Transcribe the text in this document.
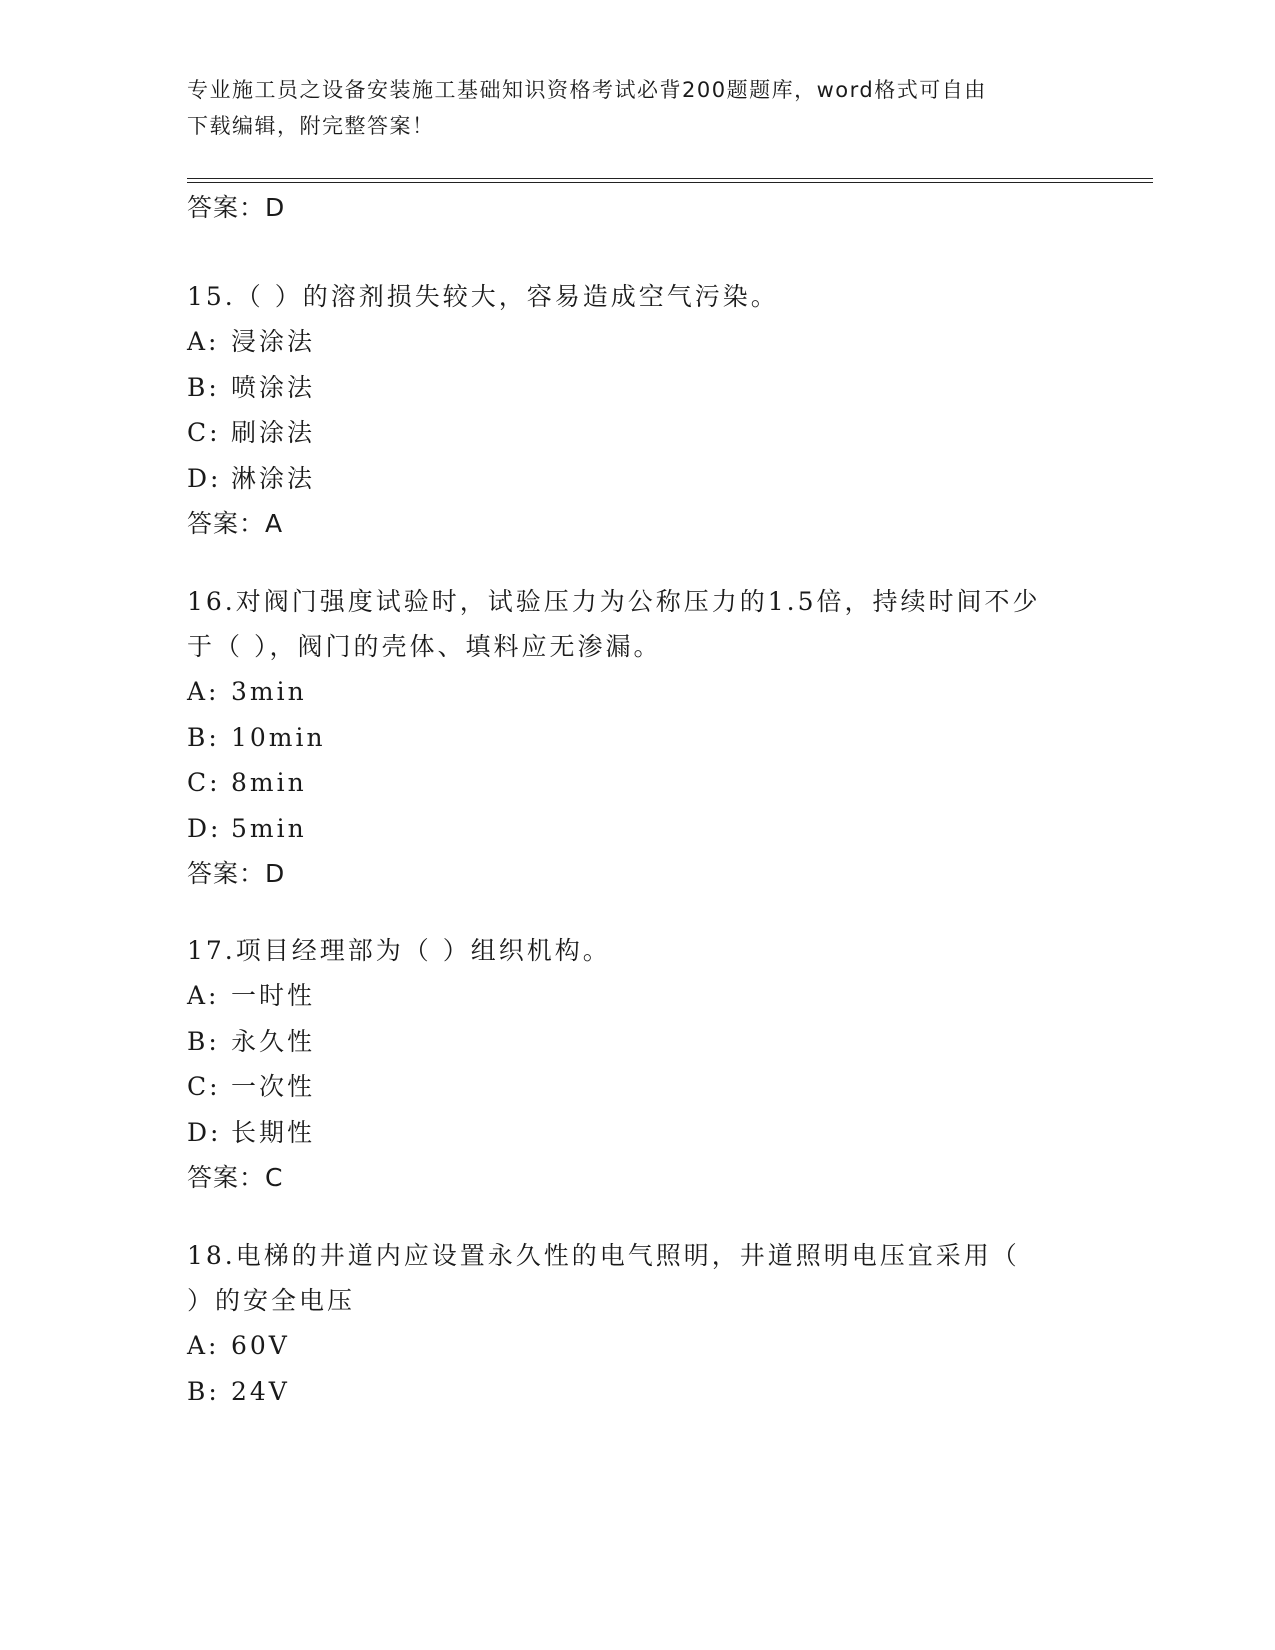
专业施工员之设备安装施工基础知识资格考试必背200题题库，word格式可自由
下载编辑，附完整答案！
答案：D
15.（ ）的溶剂损失较大，容易造成空气污染。
A: 浸涂法
B: 喷涂法
C: 刷涂法
D: 淋涂法
答案：A
16.对阀门强度试验时，试验压力为公称压力的1.5倍，持续时间不少
于（ ），阀门的壳体、填料应无渗漏。
A: 3min
B: 10min
C: 8min
D: 5min
答案：D
17.项目经理部为（ ）组织机构。
A: 一时性
B: 永久性
C: 一次性
D: 长期性
答案：C
18.电梯的井道内应设置永久性的电气照明，井道照明电压宜采用（
）的安全电压
A: 60V
B: 24V
